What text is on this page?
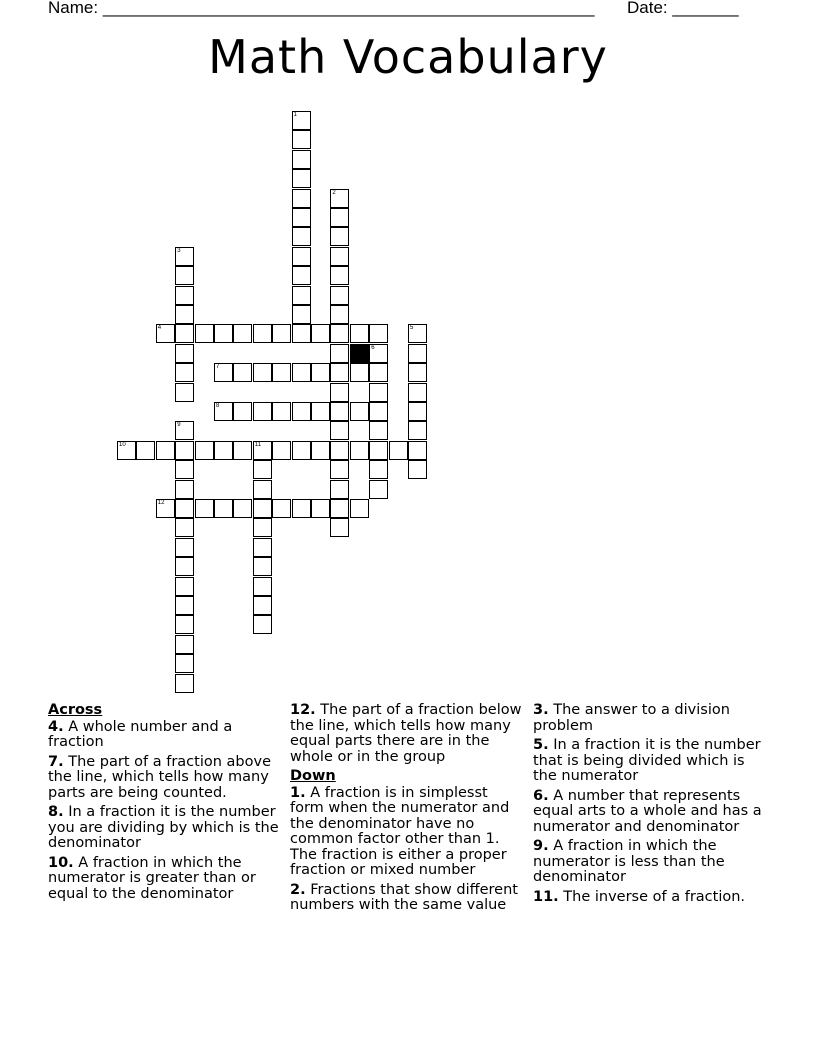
Name: ____________________________________________________ Date: _______
Math Vocabulary
1
2
3
4	5
6
7
8
9
10	11
12
Across
4. A whole number and a fraction
7. The part of a fraction above the line, which tells how many parts are being counted.
8. In a fraction it is the number you are dividing by which is the denominator
10. A fraction in which the numerator is greater than or equal to the denominator
12. The part of a fraction below the line, which tells how many equal parts there are in the whole or in the group
Down
1. A fraction is in simplesst form when the numerator and the denominator have no common factor other than 1. The fraction is either a proper fraction or mixed number
2. Fractions that show different numbers with the same value
3. The answer to a division problem
5. In a fraction it is the number that is being divided which is the numerator
6. A number that represents equal arts to a whole and has a numerator and denominator
9. A fraction in which the numerator is less than the denominator
11. The inverse of a fraction.
